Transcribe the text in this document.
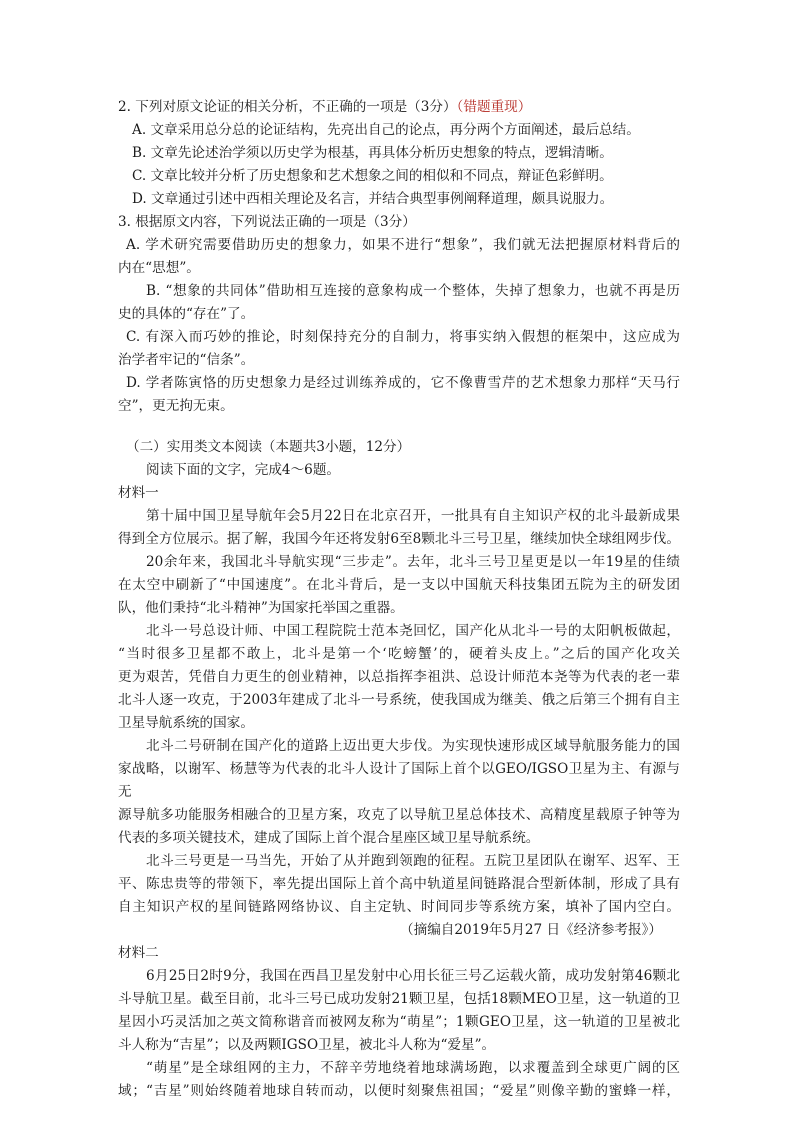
2. 下列对原文论证的相关分析，不正确的一项是（3分）（错题重现）
A. 文章采用总分总的论证结构，先亮出自己的论点，再分两个方面阐述，最后总结。
B. 文章先论述治学须以历史学为根基，再具体分析历史想象的特点，逻辑清晰。
C. 文章比较并分析了历史想象和艺术想象之间的相似和不同点，辩证色彩鲜明。
D. 文章通过引述中西相关理论及名言，并结合典型事例阐释道理，颇具说服力。
3. 根据原文内容，下列说法正确的一项是（3分）
A. 学术研究需要借助历史的想象力，如果不进行“想象”，我们就无法把握原材料背后的
内在“思想”。
B. “想象的共同体”借助相互连接的意象构成一个整体，失掉了想象力，也就不再是历
史的具体的“存在”了。
C. 有深入而巧妙的推论，时刻保持充分的自制力，将事实纳入假想的框架中，这应成为
治学者牢记的“信条”。
D. 学者陈寅恪的历史想象力是经过训练养成的，它不像曹雪芹的艺术想象力那样“天马行
空”，更无拘无束。
（二）实用类文本阅读（本题共3小题，12分）
阅读下面的文字，完成4～6题。
材料一
第十届中国卫星导航年会5月22日在北京召开，一批具有自主知识产权的北斗最新成果
得到全方位展示。据了解，我国今年还将发射6至8颗北斗三号卫星，继续加快全球组网步伐。
20余年来，我国北斗导航实现“三步走”。去年，北斗三号卫星更是以一年19星的佳绩
在太空中刷新了“中国速度”。在北斗背后，是一支以中国航天科技集团五院为主的研发团
队，他们秉持“北斗精神”为国家托举国之重器。
北斗一号总设计师、中国工程院院士范本尧回忆，国产化从北斗一号的太阳帆板做起，
“当时很多卫星都不敢上，北斗是第一个‘吃螃蟹’的，硬着头皮上。”之后的国产化攻关
更为艰苦，凭借自力更生的创业精神，以总指挥李祖洪、总设计师范本尧等为代表的老一辈
北斗人逐一攻克，于2003年建成了北斗一号系统，使我国成为继美、俄之后第三个拥有自主
卫星导航系统的国家。
北斗二号研制在国产化的道路上迈出更大步伐。为实现快速形成区域导航服务能力的国
家战略，以谢军、杨慧等为代表的北斗人设计了国际上首个以GEO/IGSO卫星为主、有源与无
源导航多功能服务相融合的卫星方案，攻克了以导航卫星总体技术、高精度星载原子钟等为
代表的多项关键技术，建成了国际上首个混合星座区域卫星导航系统。
北斗三号更是一马当先，开始了从并跑到领跑的征程。五院卫星团队在谢军、迟军、王
平、陈忠贵等的带领下，率先提出国际上首个高中轨道星间链路混合型新体制，形成了具有
自主知识产权的星间链路网络协议、自主定轨、时间同步等系统方案，填补了国内空白。
（摘编自2019年5月27 日《经济参考报》）
材料二
6月25日2时9分，我国在西昌卫星发射中心用长征三号乙运载火箭，成功发射第46颗北
斗导航卫星。截至目前，北斗三号已成功发射21颗卫星，包括18颗MEO卫星，这一轨道的卫
星因小巧灵活加之英文简称谐音而被网友称为“萌星”；1颗GEO卫星，这一轨道的卫星被北
斗人称为“吉星”；以及两颗IGSO卫星，被北斗人称为“爱星”。
“萌星”是全球组网的主力，不辞辛劳地绕着地球满场跑，以求覆盖到全球更广阔的区
域；“吉星”则始终随着地球自转而动，以便时刻聚焦祖国；“爱星”则像辛勤的蜜蜂一样，
